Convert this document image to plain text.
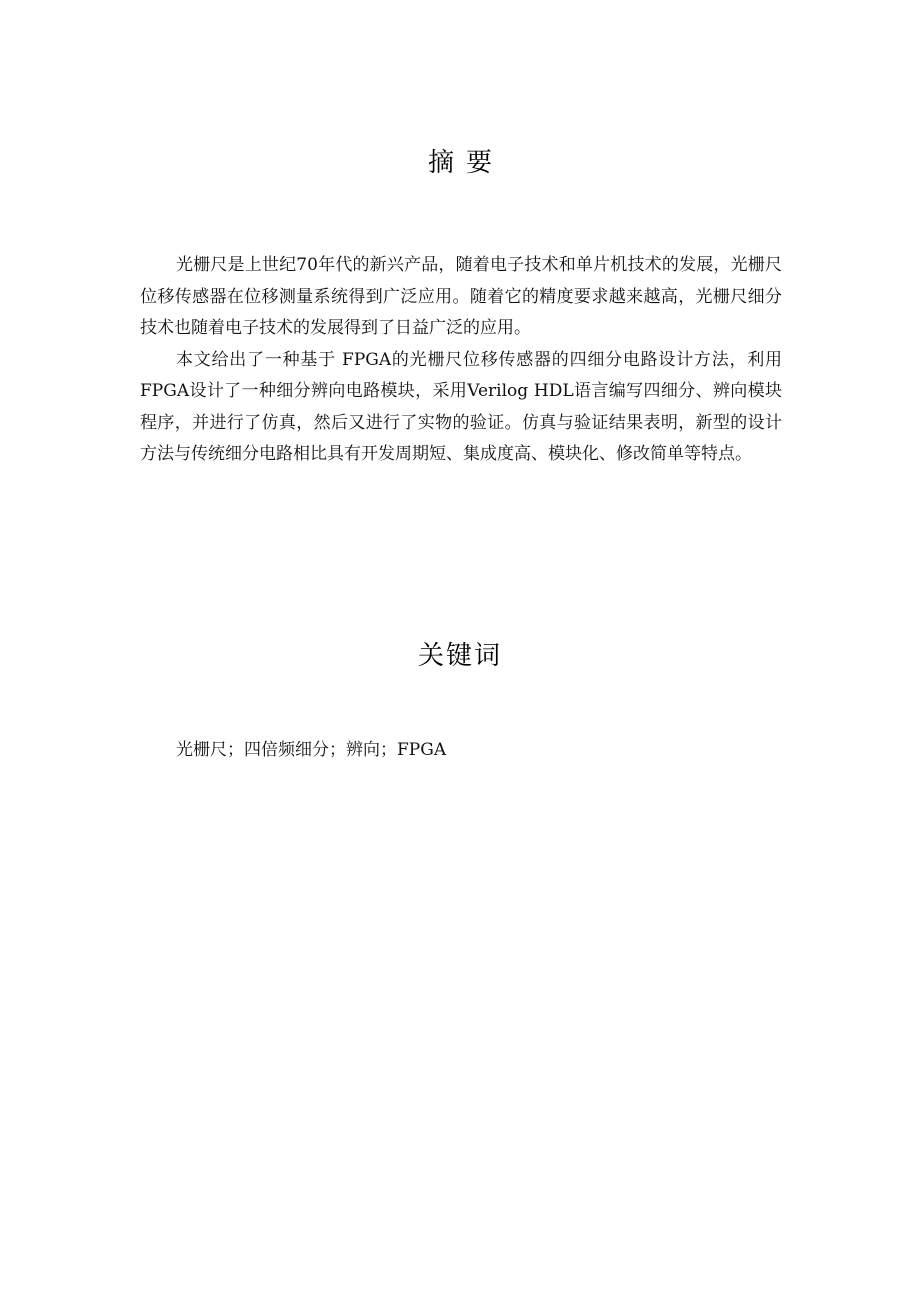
摘要

光栅尺是上世纪70年代的新兴产品，随着电子技术和单片机技术的发展，光栅尺位移传感器在位移测量系统得到广泛应用。随着它的精度要求越来越高，光栅尺细分技术也随着电子技术的发展得到了日益广泛的应用。

本文给出了一种基于 FPGA的光栅尺位移传感器的四细分电路设计方法，利用FPGA设计了一种细分辨向电路模块，采用Verilog HDL语言编写四细分、辨向模块程序，并进行了仿真，然后又进行了实物的验证。仿真与验证结果表明，新型的设计方法与传统细分电路相比具有开发周期短、集成度高、模块化、修改简单等特点。

关键词

光栅尺；四倍频细分；辨向；FPGA
